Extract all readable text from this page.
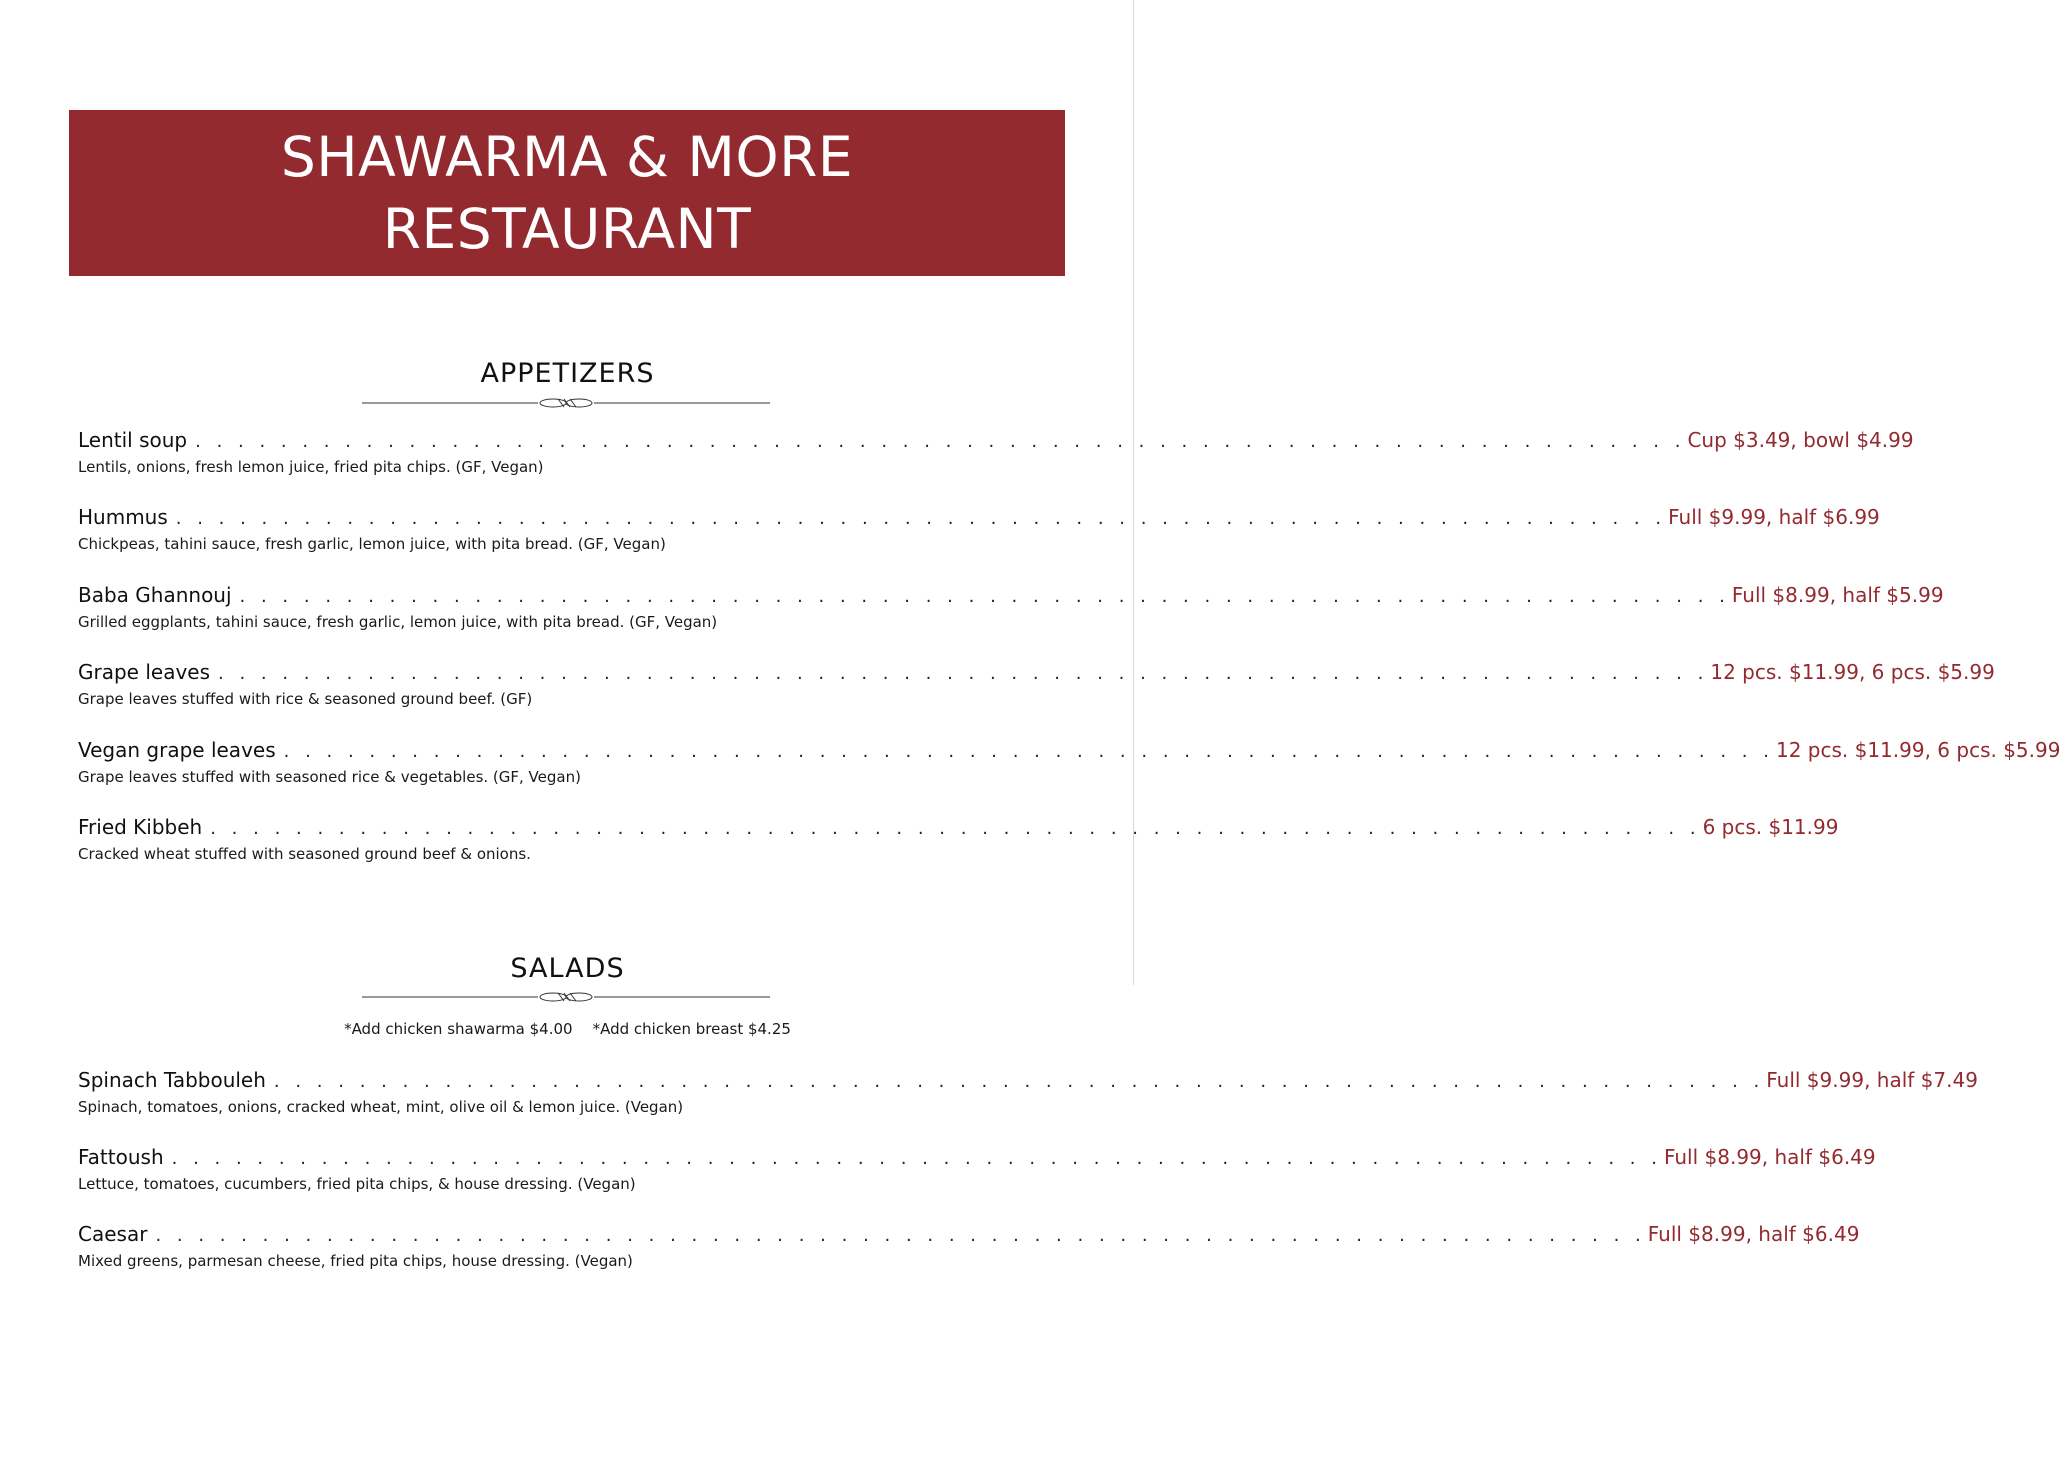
SHAWARMA & MORE
RESTAURANT
APPETIZERS
Lentil soup . . . . . . . . . . . . . . . . . . . . . . . . . . . . . . . . . . . . . . . . . . . . . . . . . . . . . . . . . . . . . . . . . . . . . . Cup $3.49, bowl $4.99
Lentils, onions, fresh lemon juice, fried pita chips. (GF, Vegan)
Hummus . . . . . . . . . . . . . . . . . . . . . . . . . . . . . . . . . . . . . . . . . . . . . . . . . . . . . . . . . . . . . . . . . . . . . . Full $9.99, half $6.99
Chickpeas, tahini sauce, fresh garlic, lemon juice, with pita bread. (GF, Vegan)
Baba Ghannouj . . . . . . . . . . . . . . . . . . . . . . . . . . . . . . . . . . . . . . . . . . . . . . . . . . . . . . . . . . . . . . . . . . . . . . Full $8.99, half $5.99
Grilled eggplants, tahini sauce, fresh garlic, lemon juice, with pita bread. (GF, Vegan)
Grape leaves . . . . . . . . . . . . . . . . . . . . . . . . . . . . . . . . . . . . . . . . . . . . . . . . . . . . . . . . . . . . . . . . . . . . . . 12 pcs. $11.99, 6 pcs. $5.99
Grape leaves stuffed with rice & seasoned ground beef. (GF)
Vegan grape leaves . . . . . . . . . . . . . . . . . . . . . . . . . . . . . . . . . . . . . . . . . . . . . . . . . . . . . . . . . . . . . . . . . . . . . . 12 pcs. $11.99, 6 pcs. $5.99
Grape leaves stuffed with seasoned rice & vegetables. (GF, Vegan)
Fried Kibbeh . . . . . . . . . . . . . . . . . . . . . . . . . . . . . . . . . . . . . . . . . . . . . . . . . . . . . . . . . . . . . . . . . . . . . . 6 pcs. $11.99
Cracked wheat stuffed with seasoned ground beef & onions.
SALADS
*Add chicken shawarma $4.00 *Add chicken breast $4.25
Spinach Tabbouleh . . . . . . . . . . . . . . . . . . . . . . . . . . . . . . . . . . . . . . . . . . . . . . . . . . . . . . . . . . . . . . . . . . . . . . Full $9.99, half $7.49
Spinach, tomatoes, onions, cracked wheat, mint, olive oil & lemon juice. (Vegan)
Fattoush . . . . . . . . . . . . . . . . . . . . . . . . . . . . . . . . . . . . . . . . . . . . . . . . . . . . . . . . . . . . . . . . . . . . . . Full $8.99, half $6.49
Lettuce, tomatoes, cucumbers, fried pita chips, & house dressing. (Vegan)
Caesar . . . . . . . . . . . . . . . . . . . . . . . . . . . . . . . . . . . . . . . . . . . . . . . . . . . . . . . . . . . . . . . . . . . . . . Full $8.99, half $6.49
Mixed greens, parmesan cheese, fried pita chips, house dressing. (Vegan)
